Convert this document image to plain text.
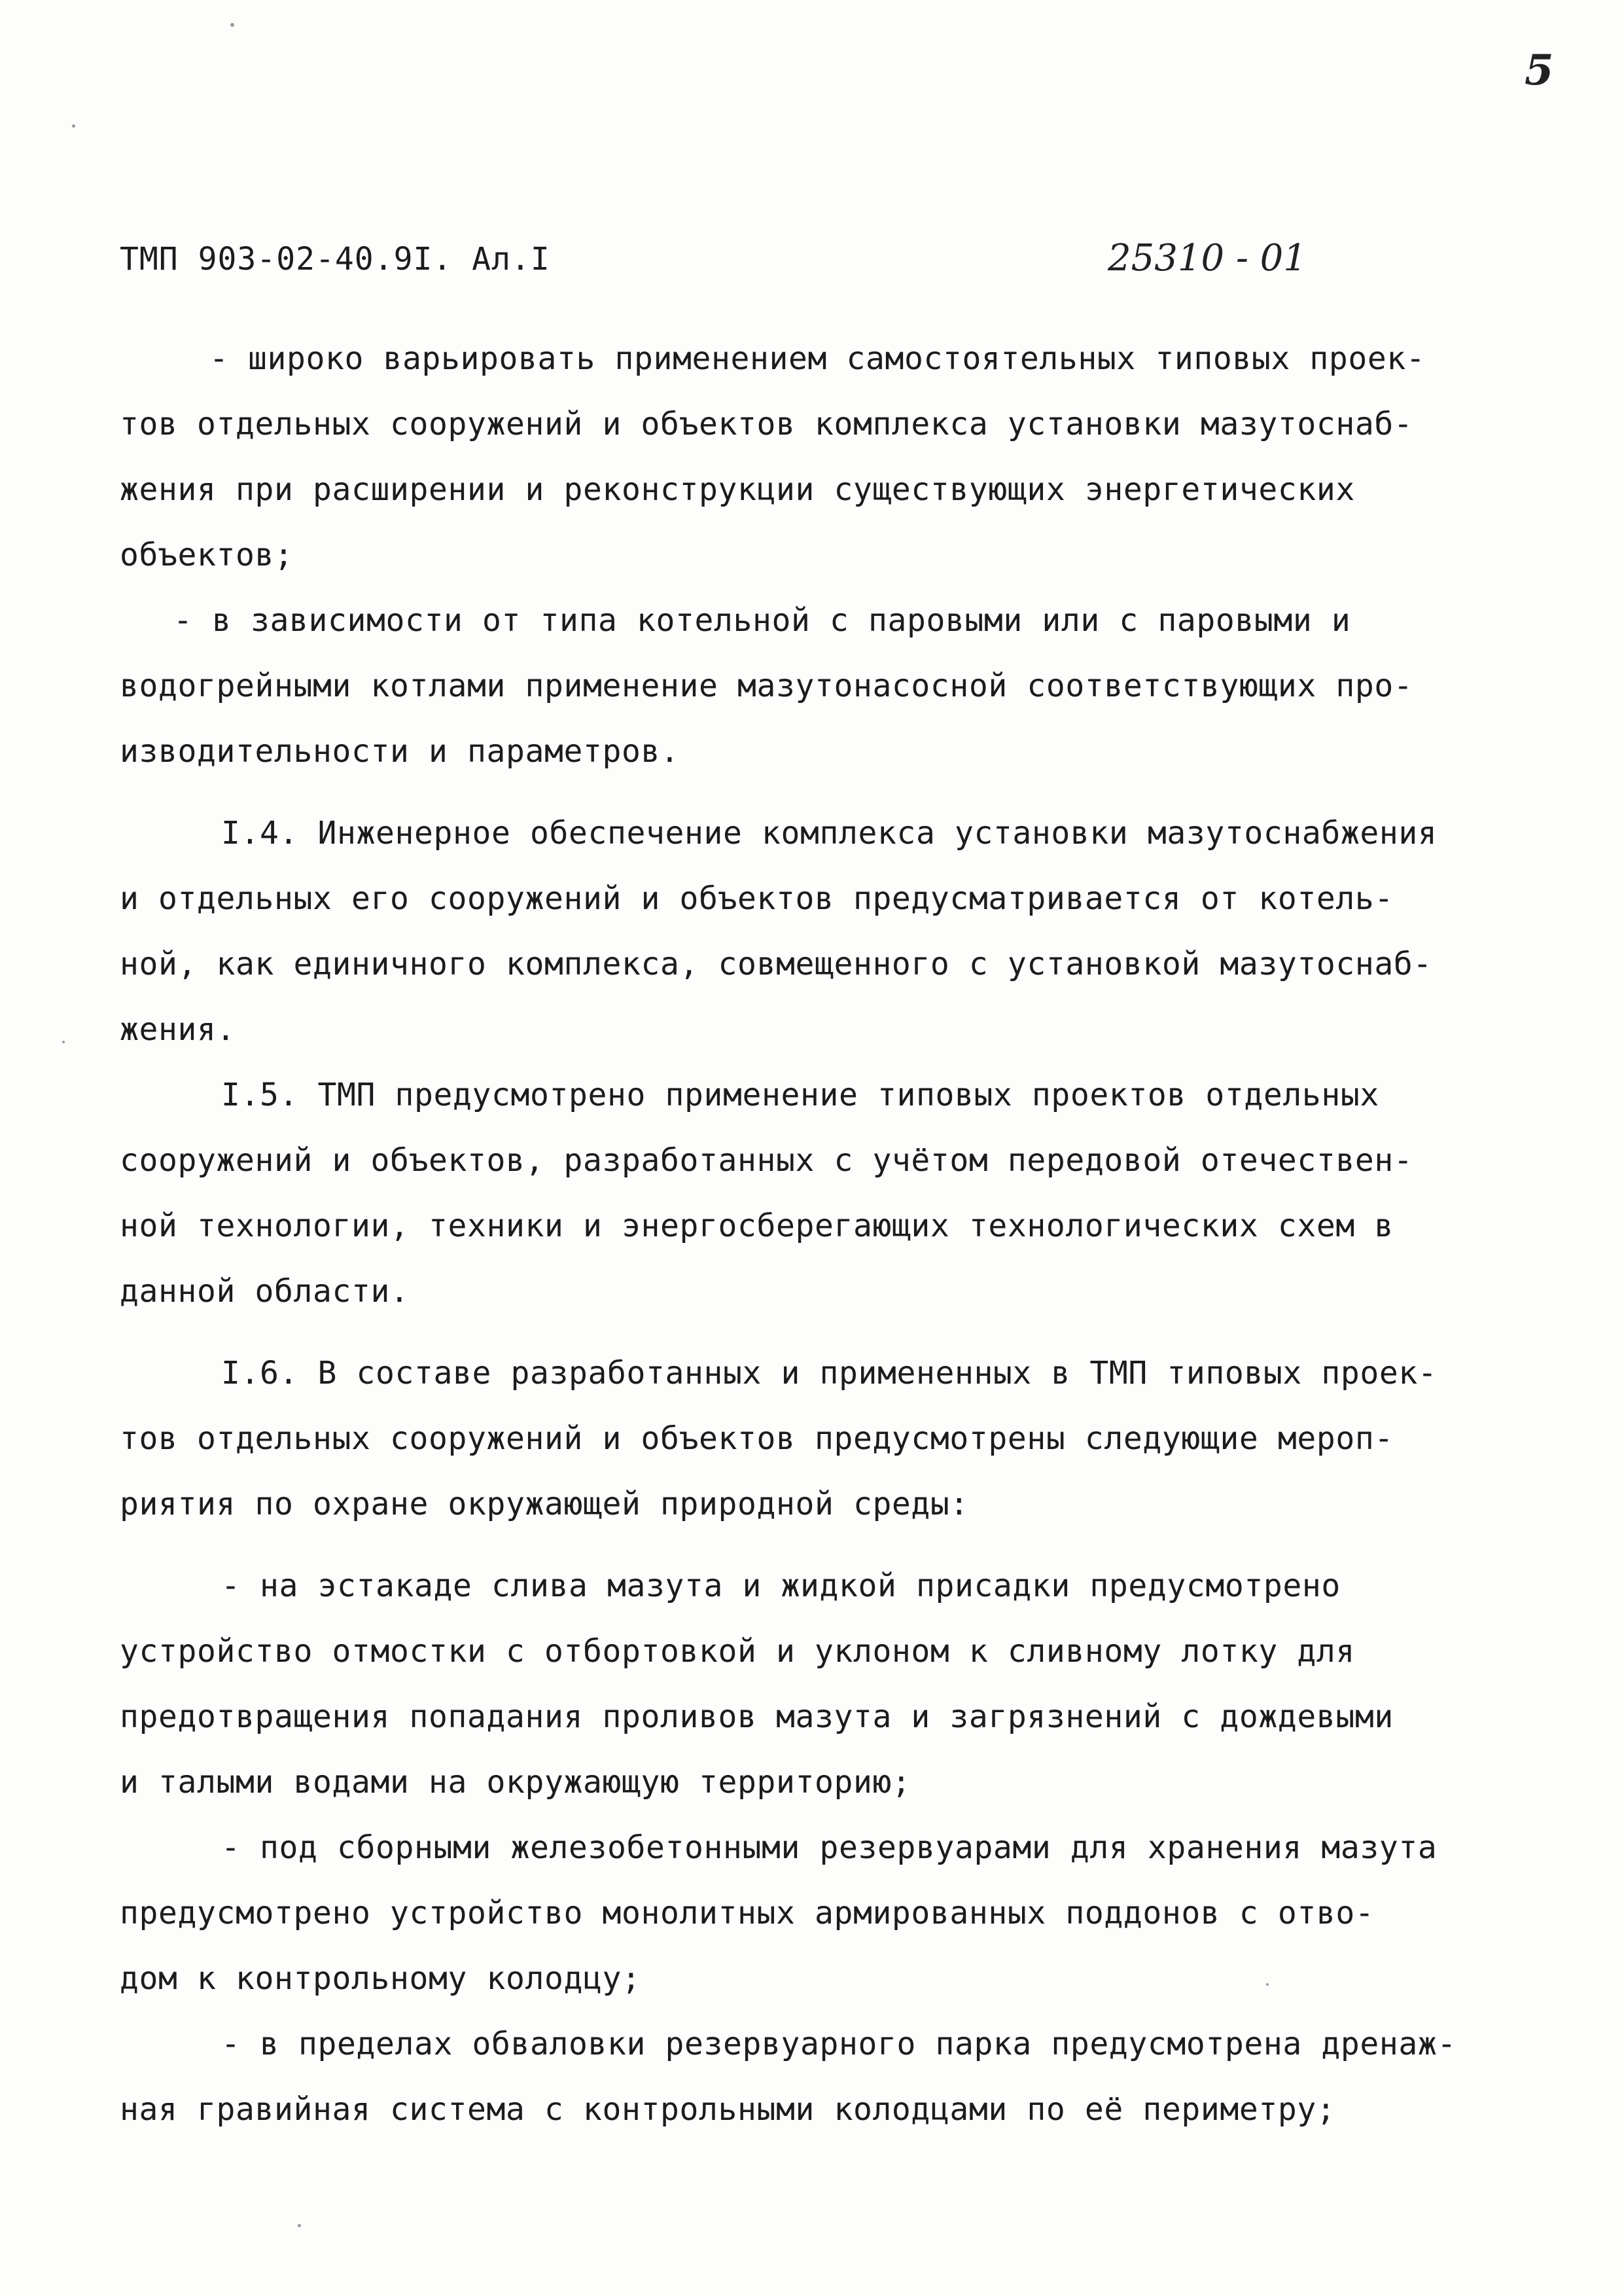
5
ТМП 903-02-40.9I. Ал.I	25310 - 01
- широко варьировать применением самостоятельных типовых проек-
тов отдельных сооружений и объектов комплекса установки мазутоснаб-
жения при расширении и реконструкции существующих энергетических
объектов;
- в зависимости от типа котельной с паровыми или с паровыми и
водогрейными котлами применение мазутонасосной соответствующих про-
изводительности и параметров.
I.4. Инженерное обеспечение комплекса установки мазутоснабжения
и отдельных его сооружений и объектов предусматривается от котель-
ной, как единичного комплекса, совмещенного с установкой мазутоснаб-
жения.
I.5. ТМП предусмотрено применение типовых проектов отдельных
сооружений и объектов, разработанных с учётом передовой отечествен-
ной технологии, техники и энергосберегающих технологических схем в
данной области.
I.6. В составе разработанных и примененных в ТМП типовых проек-
тов отдельных сооружений и объектов предусмотрены следующие мероп-
риятия по охране окружающей природной среды:
- на эстакаде слива мазута и жидкой присадки предусмотрено
устройство отмостки с отбортовкой и уклоном к сливному лотку для
предотвращения попадания проливов мазута и загрязнений с дождевыми
и талыми водами на окружающую территорию;
- под сборными железобетонными резервуарами для хранения мазута
предусмотрено устройство монолитных армированных поддонов с отво-
дом к контрольному колодцу;
- в пределах обваловки резервуарного парка предусмотрена дренаж-
ная гравийная система с контрольными колодцами по её периметру;
